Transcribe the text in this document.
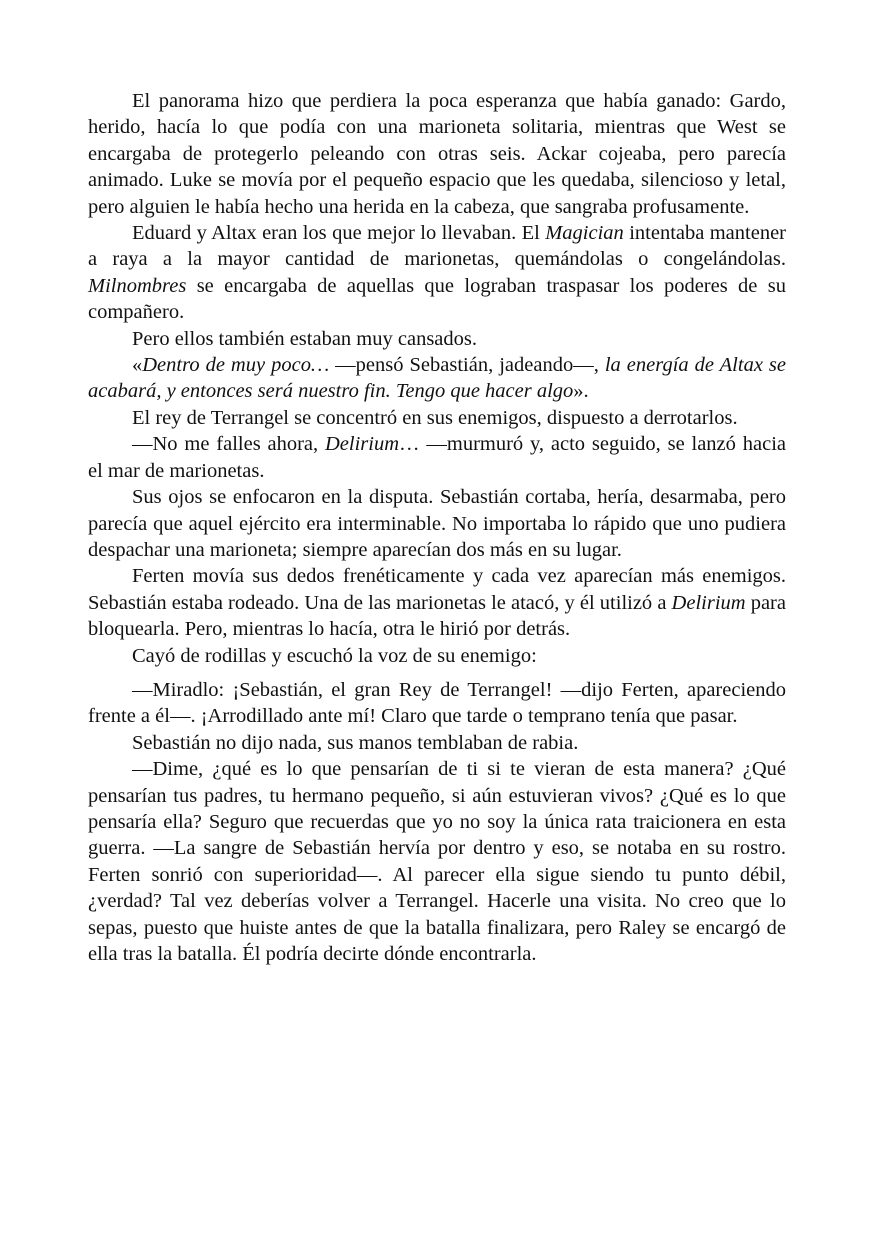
El panorama hizo que perdiera la poca esperanza que había ganado: Gardo, herido, hacía lo que podía con una marioneta solitaria, mientras que West se encargaba de protegerlo peleando con otras seis. Ackar cojeaba, pero parecía animado. Luke se movía por el pequeño espacio que les quedaba, silencioso y letal, pero alguien le había hecho una herida en la cabeza, que sangraba profusamente.

Eduard y Altax eran los que mejor lo llevaban. El Magician intentaba mantener a raya a la mayor cantidad de marionetas, quemándolas o congelándolas. Milnombres se encargaba de aquellas que lograban traspasar los poderes de su compañero.

Pero ellos también estaban muy cansados.

«Dentro de muy poco… —pensó Sebastián, jadeando—, la energía de Altax se acabará, y entonces será nuestro fin. Tengo que hacer algo».

El rey de Terrangel se concentró en sus enemigos, dispuesto a derrotarlos.

—No me falles ahora, Delirium… —murmuró y, acto seguido, se lanzó hacia el mar de marionetas.

Sus ojos se enfocaron en la disputa. Sebastián cortaba, hería, desarmaba, pero parecía que aquel ejército era interminable. No importaba lo rápido que uno pudiera despachar una marioneta; siempre aparecían dos más en su lugar.

Ferten movía sus dedos frenéticamente y cada vez aparecían más enemigos. Sebastián estaba rodeado. Una de las marionetas le atacó, y él utilizó a Delirium para bloquearla. Pero, mientras lo hacía, otra le hirió por detrás.

Cayó de rodillas y escuchó la voz de su enemigo:

—Miradlo: ¡Sebastián, el gran Rey de Terrangel! —dijo Ferten, apareciendo frente a él—. ¡Arrodillado ante mí! Claro que tarde o temprano tenía que pasar.

Sebastián no dijo nada, sus manos temblaban de rabia.

—Dime, ¿qué es lo que pensarían de ti si te vieran de esta manera? ¿Qué pensarían tus padres, tu hermano pequeño, si aún estuvieran vivos? ¿Qué es lo que pensaría ella? Seguro que recuerdas que yo no soy la única rata traicionera en esta guerra. —La sangre de Sebastián hervía por dentro y eso, se notaba en su rostro. Ferten sonrió con superioridad—. Al parecer ella sigue siendo tu punto débil, ¿verdad? Tal vez deberías volver a Terrangel. Hacerle una visita. No creo que lo sepas, puesto que huiste antes de que la batalla finalizara, pero Raley se encargó de ella tras la batalla. Él podría decirte dónde encontrarla.
